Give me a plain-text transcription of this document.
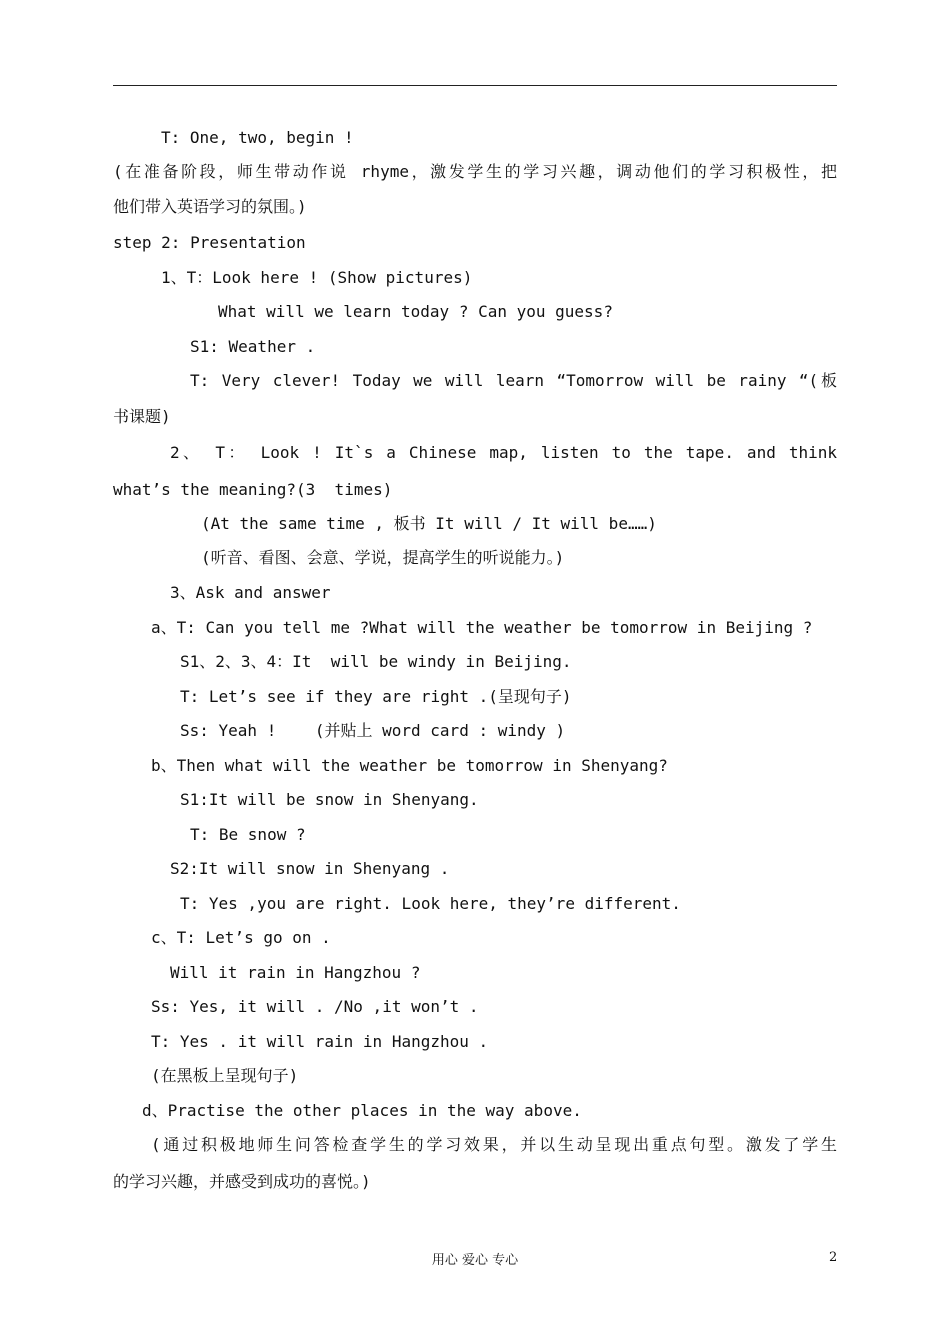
T: One, two, begin !
(在准备阶段，师生带动作说 rhyme，激发学生的学习兴趣，调动他们的学习积极性，把
他们带入英语学习的氛围。)
step 2: Presentation
1、T：Look here ! (Show pictures)
What will we learn today ? Can you guess?
S1: Weather .
T: Very clever! Today we will learn “Tomorrow will be rainy “(板
书课题)
2、 T： Look ! It`s a Chinese map, listen to the tape. and think
what’s the meaning?(3  times)
(At the same time , 板书 It will / It will be……)
(听音、看图、会意、学说，提高学生的听说能力。)
3、Ask and answer
a、T: Can you tell me ?What will the weather be tomorrow in Beijing ?
S1、2、3、4：It  will be windy in Beijing.
T: Let’s see if they are right .(呈现句子)
Ss: Yeah !    (并贴上 word card : windy )
b、Then what will the weather be tomorrow in Shenyang?
S1:It will be snow in Shenyang.
T: Be snow ?
S2:It will snow in Shenyang .
T: Yes ,you are right. Look here, they’re different.
c、T: Let’s go on .
Will it rain in Hangzhou ?
Ss: Yes, it will . /No ,it won’t .
T: Yes . it will rain in Hangzhou .
(在黑板上呈现句子)
d、Practise the other places in the way above.
(通过积极地师生问答检查学生的学习效果，并以生动呈现出重点句型。激发了学生
的学习兴趣，并感受到成功的喜悦。)
用心 爱心 专心	2
